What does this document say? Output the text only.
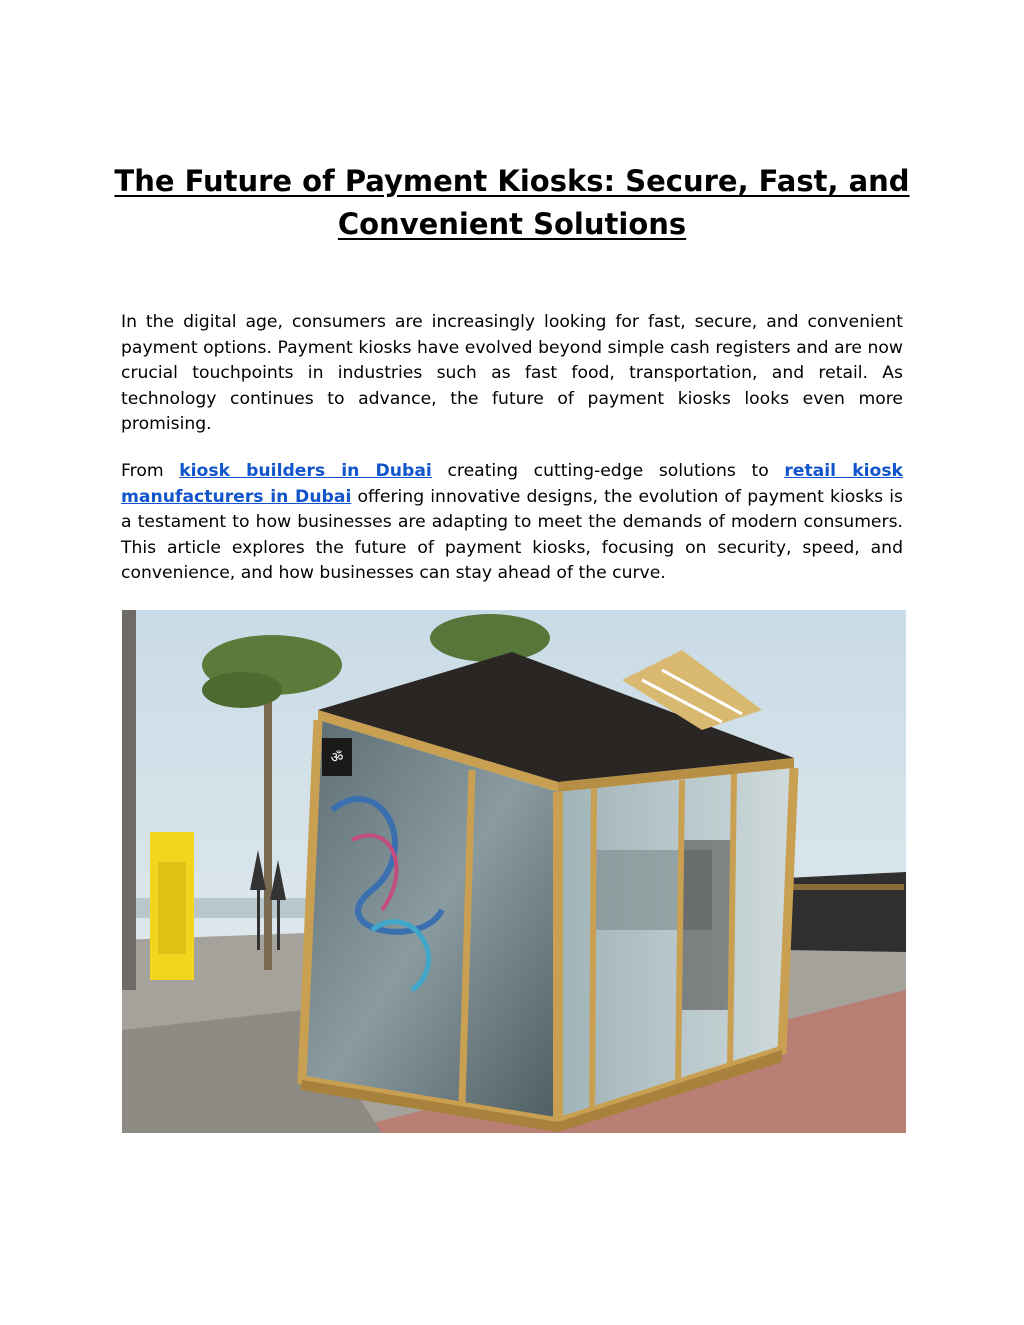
The Future of Payment Kiosks: Secure, Fast, and Convenient Solutions

In the digital age, consumers are increasingly looking for fast, secure, and convenient payment options. Payment kiosks have evolved beyond simple cash registers and are now crucial touchpoints in industries such as fast food, transportation, and retail. As technology continues to advance, the future of payment kiosks looks even more promising.

From kiosk builders in Dubai creating cutting-edge solutions to retail kiosk manufacturers in Dubai offering innovative designs, the evolution of payment kiosks is a testament to how businesses are adapting to meet the demands of modern consumers. This article explores the future of payment kiosks, focusing on security, speed, and convenience, and how businesses can stay ahead of the curve.

ॐ
